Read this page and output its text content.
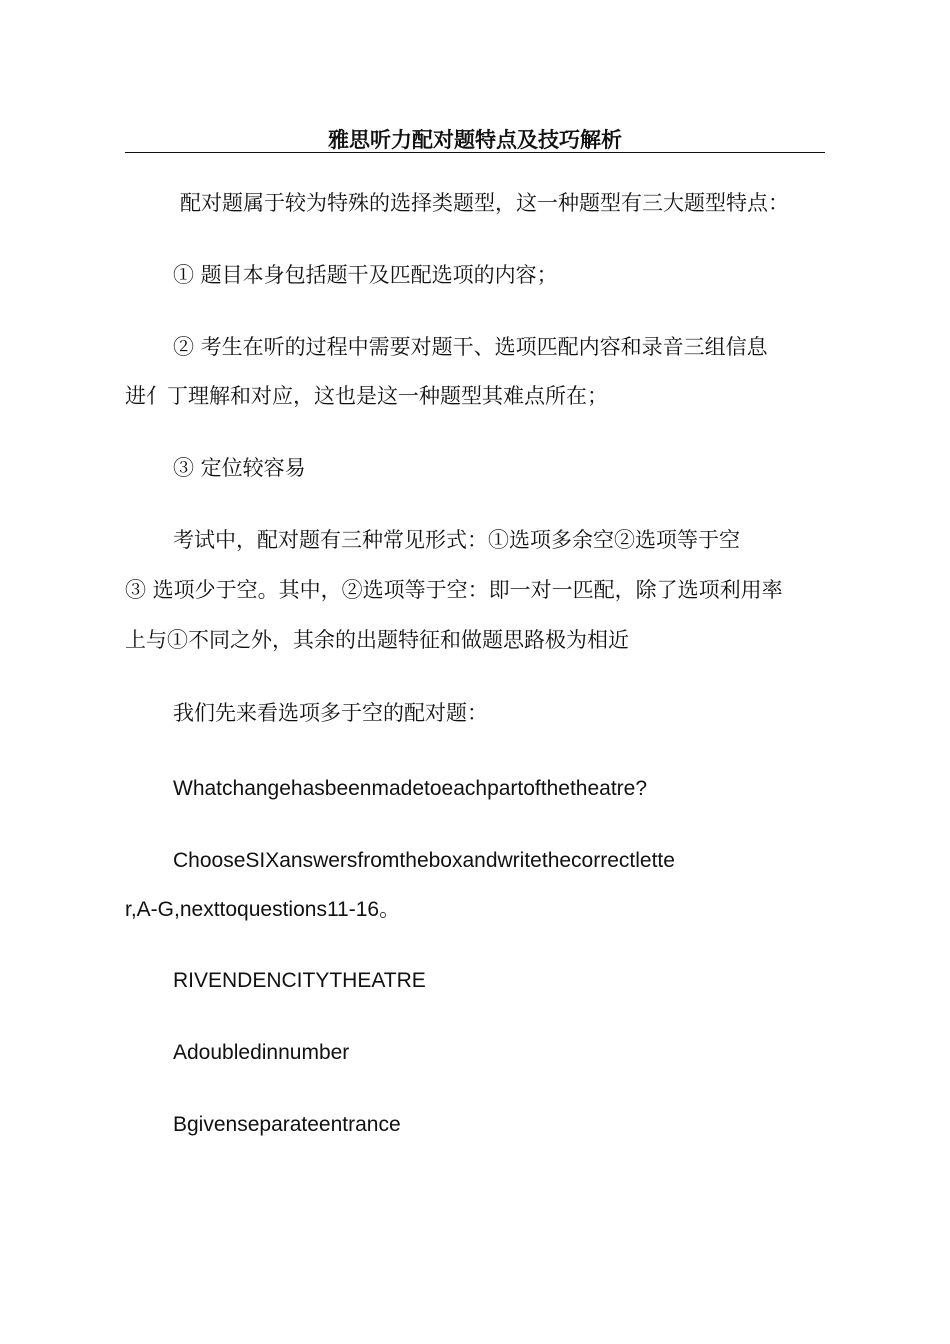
雅思听力配对题特点及技巧解析
配对题属于较为特殊的选择类题型，这一种题型有三大题型特点：
① 题目本身包括题干及匹配选项的内容；
② 考生在听的过程中需要对题干、选项匹配内容和录音三组信息
进亻丁理解和对应，这也是这一种题型其难点所在；
③ 定位较容易
考试中，配对题有三种常见形式：①选项多余空②选项等于空
③ 选项少于空。其中，②选项等于空：即一对一匹配，除了选项利用率
上与①不同之外，其余的出题特征和做题思路极为相近
我们先来看选项多于空的配对题：
Whatchangehasbeenmadetoeachpartofthetheatre?
ChooseSIXanswersfromtheboxandwritethecorrectlette
r,A-G,nexttoquestions11-16。
RIVENDENCITYTHEATRE
Adoubledinnumber
Bgivenseparateentrance
